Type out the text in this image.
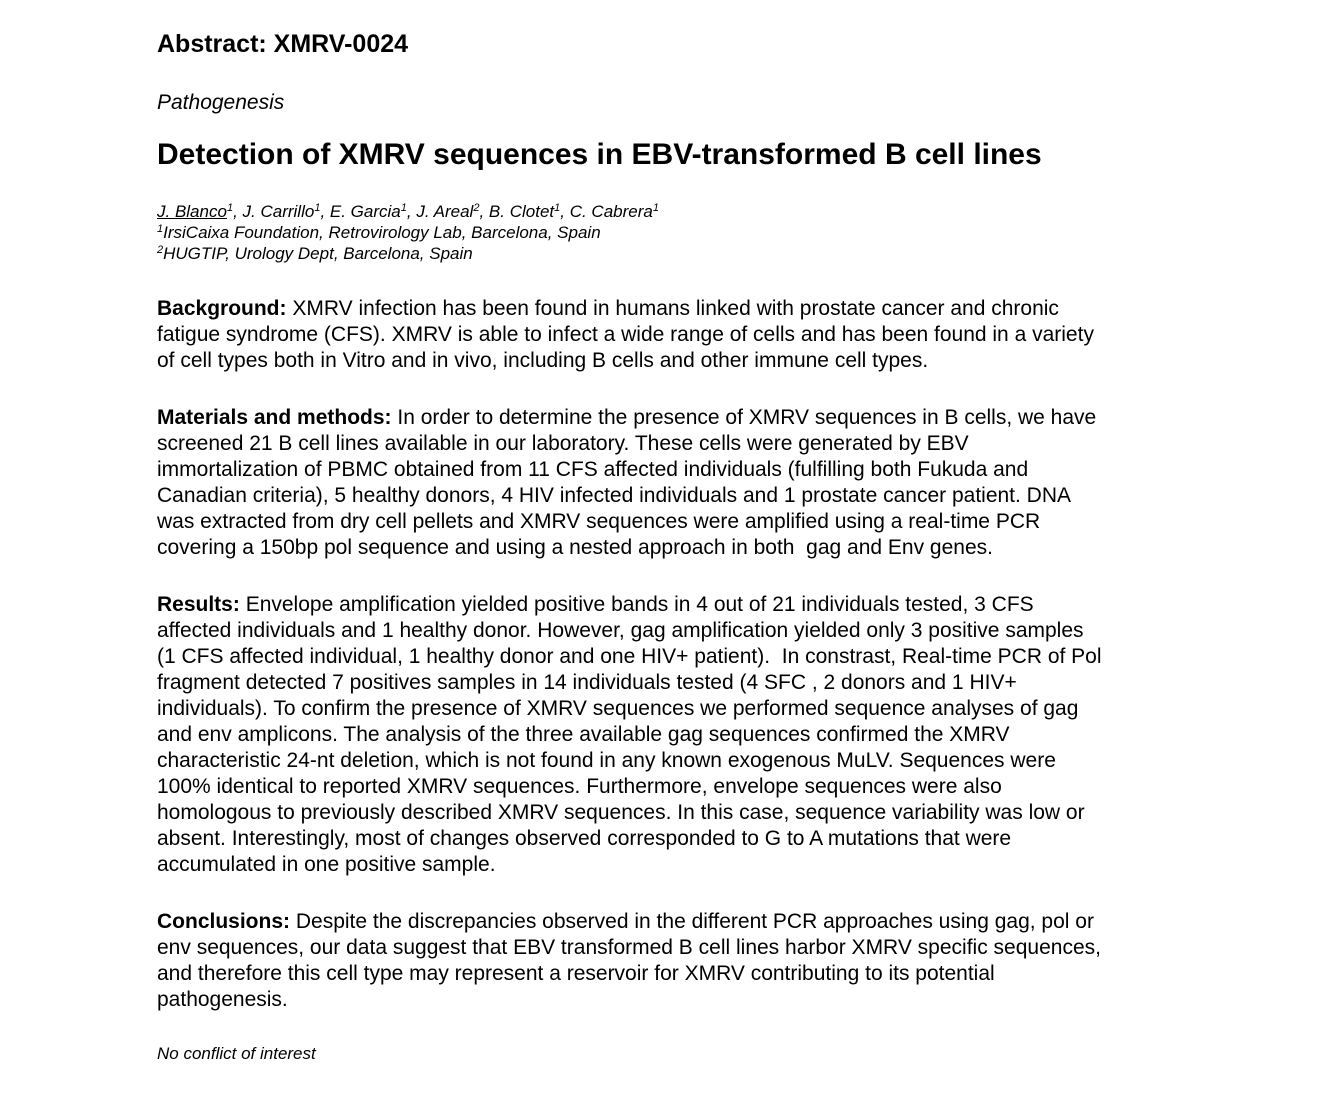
Abstract: XMRV-0024
Pathogenesis
Detection of XMRV sequences in EBV-transformed B cell lines
J. Blanco$^1$, J. Carrillo$^1$, E. Garcia$^1$, J. Areal$^2$, B. Clotet$^1$, C. Cabrera$^1$
$^1$IrsiCaixa Foundation, Retrovirology Lab, Barcelona, Spain
$^2$HUGTIP, Urology Dept, Barcelona, Spain
Background: XMRV infection has been found in humans linked with prostate cancer and chronic
fatigue syndrome (CFS). XMRV is able to infect a wide range of cells and has been found in a variety
of cell types both in Vitro and in vivo, including B cells and other immune cell types.
Materials and methods: In order to determine the presence of XMRV sequences in B cells, we have
screened 21 B cell lines available in our laboratory. These cells were generated by EBV
immortalization of PBMC obtained from 11 CFS affected individuals (fulfilling both Fukuda and
Canadian criteria), 5 healthy donors, 4 HIV infected individuals and 1 prostate cancer patient. DNA
was extracted from dry cell pellets and XMRV sequences were amplified using a real-time PCR
covering a 150bp pol sequence and using a nested approach in both  gag and Env genes.
Results: Envelope amplification yielded positive bands in 4 out of 21 individuals tested, 3 CFS
affected individuals and 1 healthy donor. However, gag amplification yielded only 3 positive samples
(1 CFS affected individual, 1 healthy donor and one HIV+ patient).  In constrast, Real-time PCR of Pol
fragment detected 7 positives samples in 14 individuals tested (4 SFC , 2 donors and 1 HIV+
individuals). To confirm the presence of XMRV sequences we performed sequence analyses of gag
and env amplicons. The analysis of the three available gag sequences confirmed the XMRV
characteristic 24-nt deletion, which is not found in any known exogenous MuLV. Sequences were
100% identical to reported XMRV sequences. Furthermore, envelope sequences were also
homologous to previously described XMRV sequences. In this case, sequence variability was low or
absent. Interestingly, most of changes observed corresponded to G to A mutations that were
accumulated in one positive sample.
Conclusions: Despite the discrepancies observed in the different PCR approaches using gag, pol or
env sequences, our data suggest that EBV transformed B cell lines harbor XMRV specific sequences,
and therefore this cell type may represent a reservoir for XMRV contributing to its potential
pathogenesis.
No conflict of interest
